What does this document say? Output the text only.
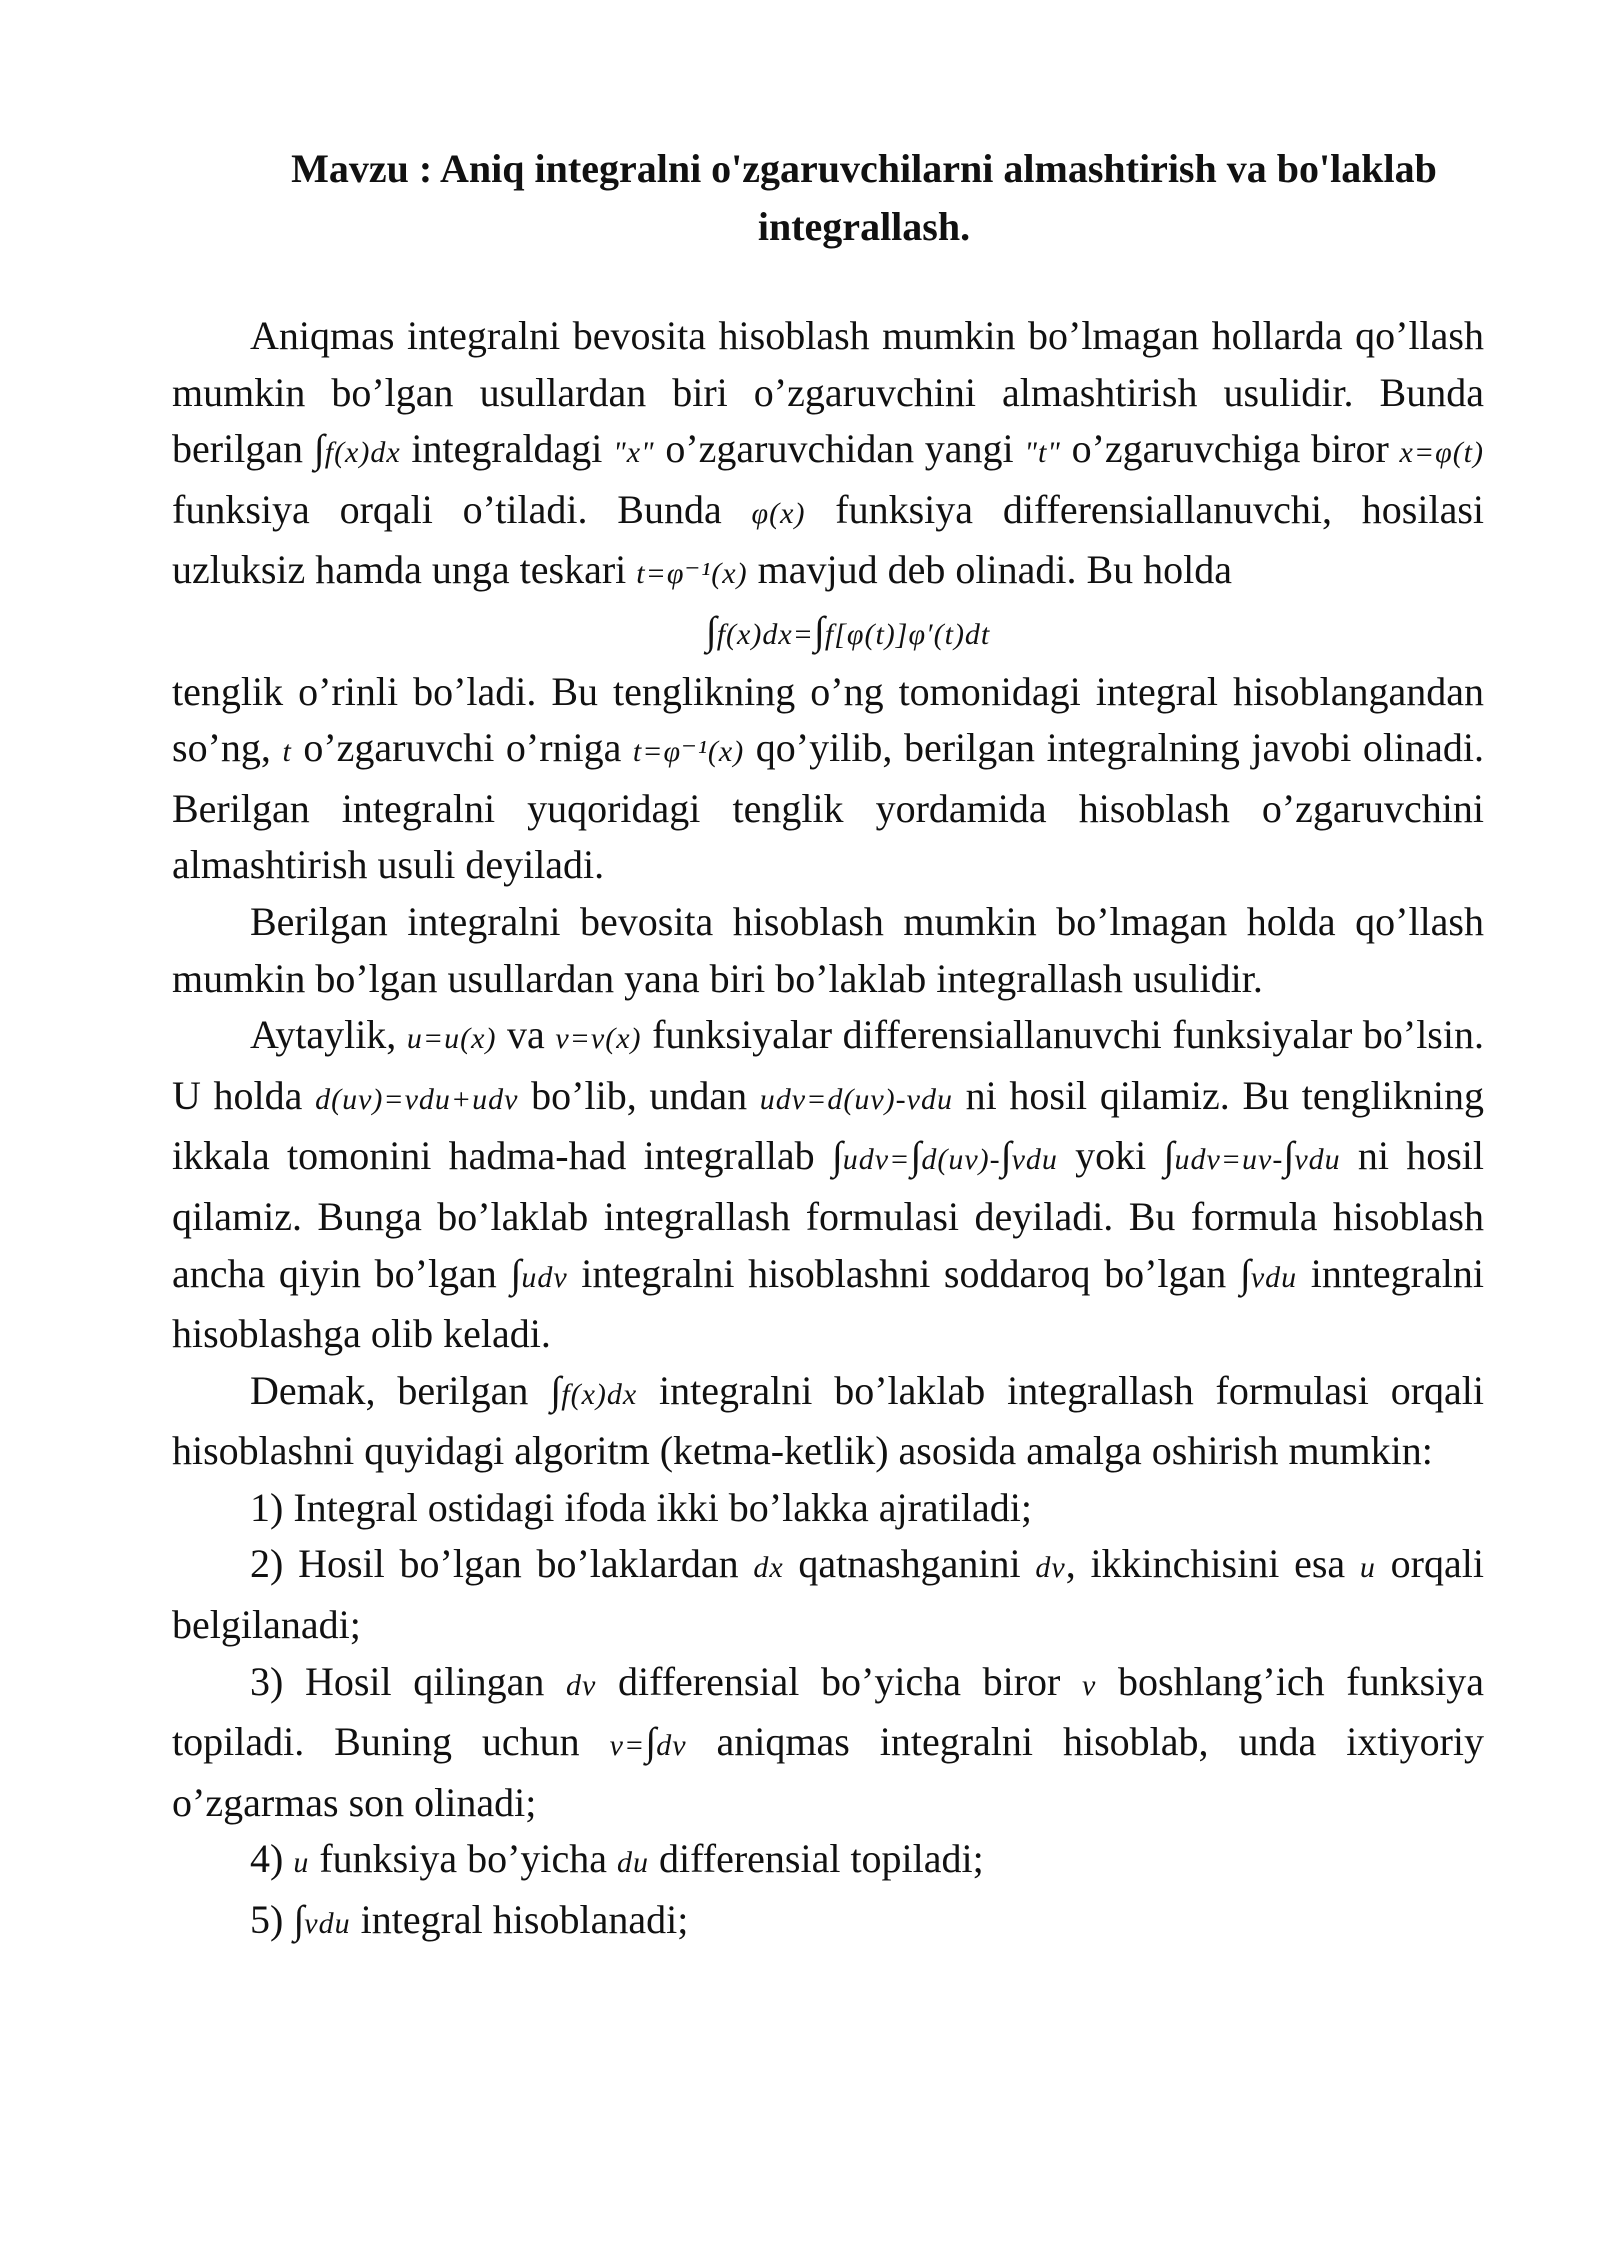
Mavzu : Aniq integralni o'zgaruvchilarni almashtirish va bo'laklab
integrallash.

Aniqmas integralni bevosita hisoblash mumkin bo’lmagan hollarda qo’llash mumkin bo’lgan usullardan biri o’zgaruvchini almashtirish usulidir. Bunda berilgan ∫f(x)dx integraldagi "x" o’zgaruvchidan yangi "t" o’zgaruvchiga biror x=φ(t) funksiya orqali o’tiladi. Bunda φ(x) funksiya differensiallanuvchi, hosilasi uzluksiz hamda unga teskari t=φ⁻¹(x) mavjud deb olinadi. Bu holda

∫f(x)dx=∫f[φ(t)]φ′(t)dt

tenglik o’rinli bo’ladi. Bu tenglikning o’ng tomonidagi integral hisoblangandan so’ng, t o’zgaruvchi o’rniga t=φ⁻¹(x) qo’yilib, berilgan integralning javobi olinadi. Berilgan integralni yuqoridagi tenglik yordamida hisoblash o’zgaruvchini almashtirish usuli deyiladi.

Berilgan integralni bevosita hisoblash mumkin bo’lmagan holda qo’llash mumkin bo’lgan usullardan yana biri bo’laklab integrallash usulidir.

Aytaylik, u=u(x) va v=v(x) funksiyalar differensiallanuvchi funksiyalar bo’lsin. U holda d(uv)=vdu+udv bo’lib, undan udv=d(uv)-vdu ni hosil qilamiz. Bu tenglikning ikkala tomonini hadma-had integrallab ∫udv=∫d(uv)-∫vdu yoki ∫udv=uv-∫vdu ni hosil qilamiz. Bunga bo’laklab integrallash formulasi deyiladi. Bu formula hisoblash ancha qiyin bo’lgan ∫udv integralni hisoblashni soddaroq bo’lgan ∫vdu inntegralni hisoblashga olib keladi.

Demak, berilgan ∫f(x)dx integralni bo’laklab integrallash formulasi orqali hisoblashni quyidagi algoritm (ketma-ketlik) asosida amalga oshirish mumkin:

1) Integral ostidagi ifoda ikki bo’lakka ajratiladi;

2) Hosil bo’lgan bo’laklardan dx qatnashganini dv, ikkinchisini esa u orqali belgilanadi;

3) Hosil qilingan dv differensial bo’yicha biror v boshlang’ich funksiya topiladi. Buning uchun v=∫dv aniqmas integralni hisoblab, unda ixtiyoriy o’zgarmas son olinadi;

4) u funksiya bo’yicha du differensial topiladi;

5) ∫vdu integral hisoblanadi;
